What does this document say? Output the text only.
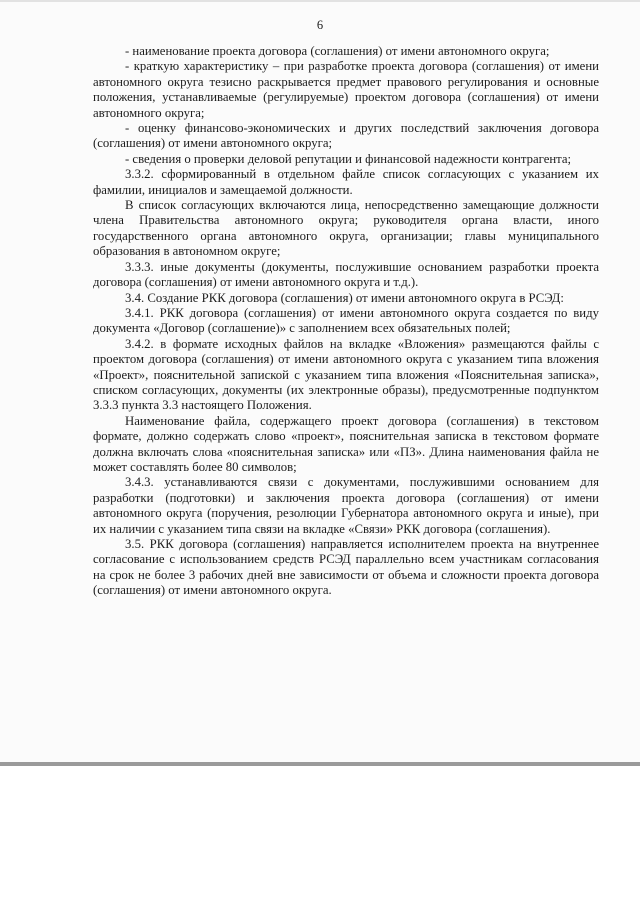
6

- наименование проекта договора (соглашения) от имени автономного округа;

- краткую характеристику – при разработке проекта договора (соглашения) от имени автономного округа тезисно раскрывается предмет правового регулирования и основные положения, устанавливаемые (регулируемые) проектом договора (соглашения) от имени автономного округа;

- оценку финансово-экономических и других последствий заключения договора (соглашения) от имени автономного округа;

- сведения о проверки деловой репутации и финансовой надежности контрагента;

3.3.2. сформированный в отдельном файле список согласующих с указанием их фамилии, инициалов и замещаемой должности.

В список согласующих включаются лица, непосредственно замещающие должности члена Правительства автономного округа; руководителя органа власти, иного государственного органа автономного округа, организации; главы муниципального образования в автономном округе;

3.3.3. иные документы (документы, послужившие основанием разработки проекта договора (соглашения) от имени автономного округа и т.д.).

3.4. Создание РКК договора (соглашения) от имени автономного округа в РСЭД:

3.4.1. РКК договора (соглашения) от имени автономного округа создается по виду документа «Договор (соглашение)» с заполнением всех обязательных полей;

3.4.2. в формате исходных файлов на вкладке «Вложения» размещаются файлы с проектом договора (соглашения) от имени автономного округа с указанием типа вложения «Проект», пояснительной запиской с указанием типа вложения «Пояснительная записка», списком согласующих, документы (их электронные образы), предусмотренные подпунктом 3.3.3 пункта 3.3 настоящего Положения.

Наименование файла, содержащего проект договора (соглашения) в текстовом формате, должно содержать слово «проект», пояснительная записка в текстовом формате должна включать слова «пояснительная записка» или «ПЗ». Длина наименования файла не может составлять более 80 символов;

3.4.3. устанавливаются связи с документами, послужившими основанием для разработки (подготовки) и заключения проекта договора (соглашения) от имени автономного округа (поручения, резолюции Губернатора автономного округа и иные), при их наличии с указанием типа связи на вкладке «Связи» РКК договора (соглашения).

3.5. РКК договора (соглашения) направляется исполнителем проекта на внутреннее согласование с использованием средств РСЭД параллельно всем участникам согласования на срок не более 3 рабочих дней вне зависимости от объема и сложности проекта договора (соглашения) от имени автономного округа.
